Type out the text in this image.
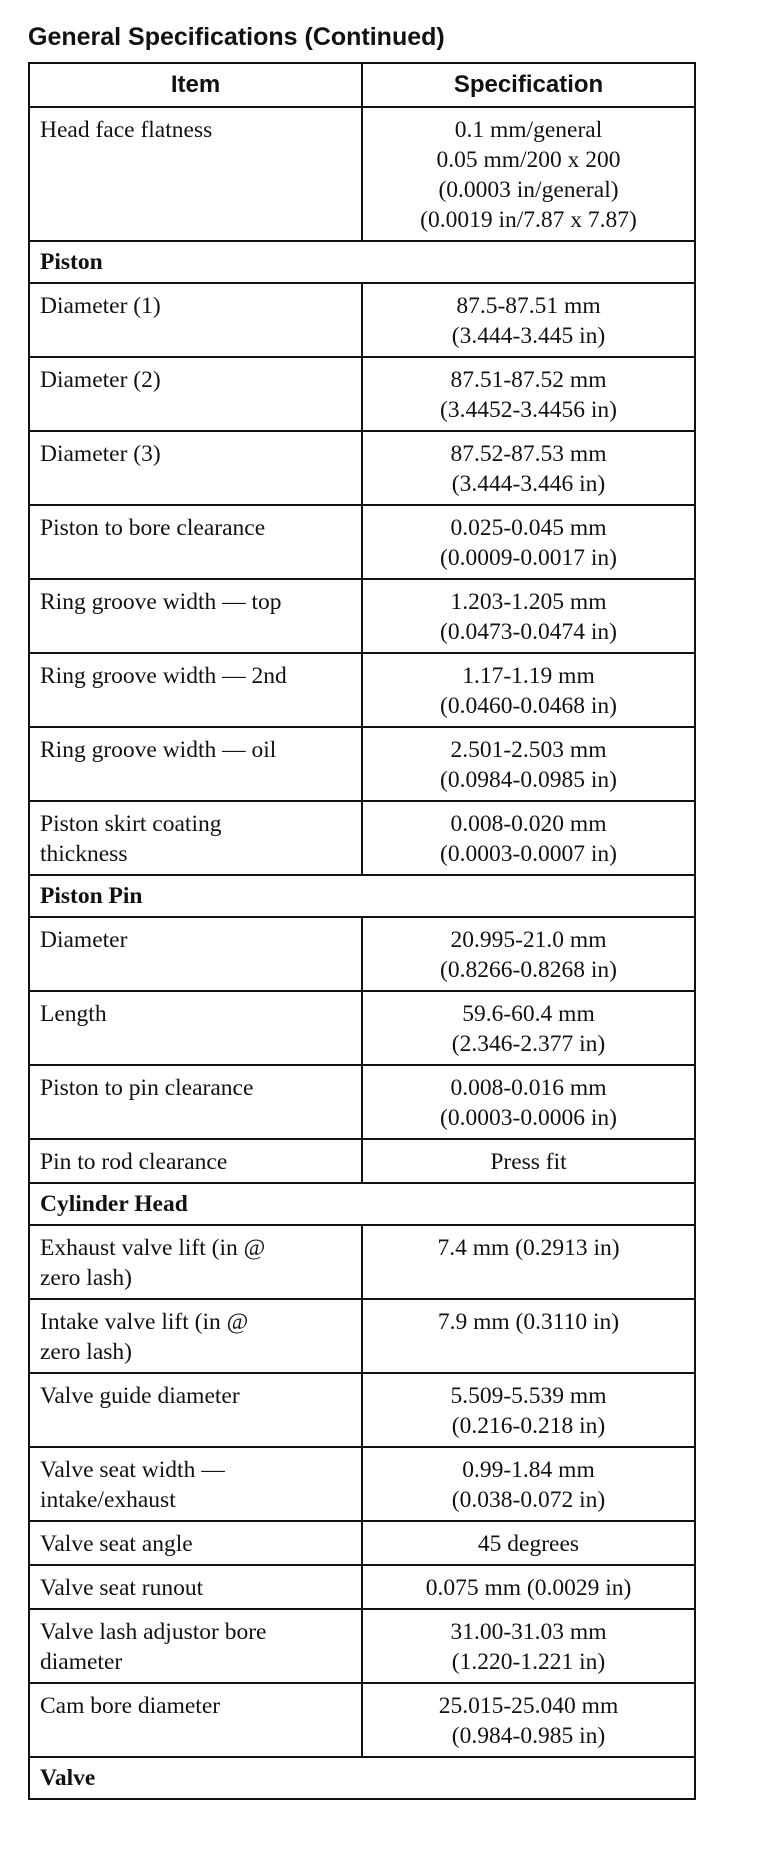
General Specifications (Continued)
Item	Specification

Head face flatness	0.1 mm/general
0.05 mm/200 x 200
(0.0003 in/general)
(0.0019 in/7.87 x 7.87)

Piston	

Diameter (1)	87.5-87.51 mm
(3.444-3.445 in)

Diameter (2)	87.51-87.52 mm
(3.4452-3.4456 in)

Diameter (3)	87.52-87.53 mm
(3.444-3.446 in)

Piston to bore clearance	0.025-0.045 mm
(0.0009-0.0017 in)

Ring groove width — top	1.203-1.205 mm
(0.0473-0.0474 in)

Ring groove width — 2nd	1.17-1.19 mm
(0.0460-0.0468 in)

Ring groove width — oil	2.501-2.503 mm
(0.0984-0.0985 in)

Piston skirt coating
thickness	0.008-0.020 mm
(0.0003-0.0007 in)

Piston Pin	

Diameter	20.995-21.0 mm
(0.8266-0.8268 in)

Length	59.6-60.4 mm
(2.346-2.377 in)

Piston to pin clearance	0.008-0.016 mm
(0.0003-0.0006 in)

Pin to rod clearance	Press fit

Cylinder Head	

Exhaust valve lift (in @
zero lash)	7.4 mm (0.2913 in)

Intake valve lift (in @
zero lash)	7.9 mm (0.3110 in)

Valve guide diameter	5.509-5.539 mm
(0.216-0.218 in)

Valve seat width —
intake/exhaust	0.99-1.84 mm
(0.038-0.072 in)

Valve seat angle	45 degrees

Valve seat runout	0.075 mm (0.0029 in)

Valve lash adjustor bore
diameter	31.00-31.03 mm
(1.220-1.221 in)

Cam bore diameter	25.015-25.040 mm
(0.984-0.985 in)

Valve	
